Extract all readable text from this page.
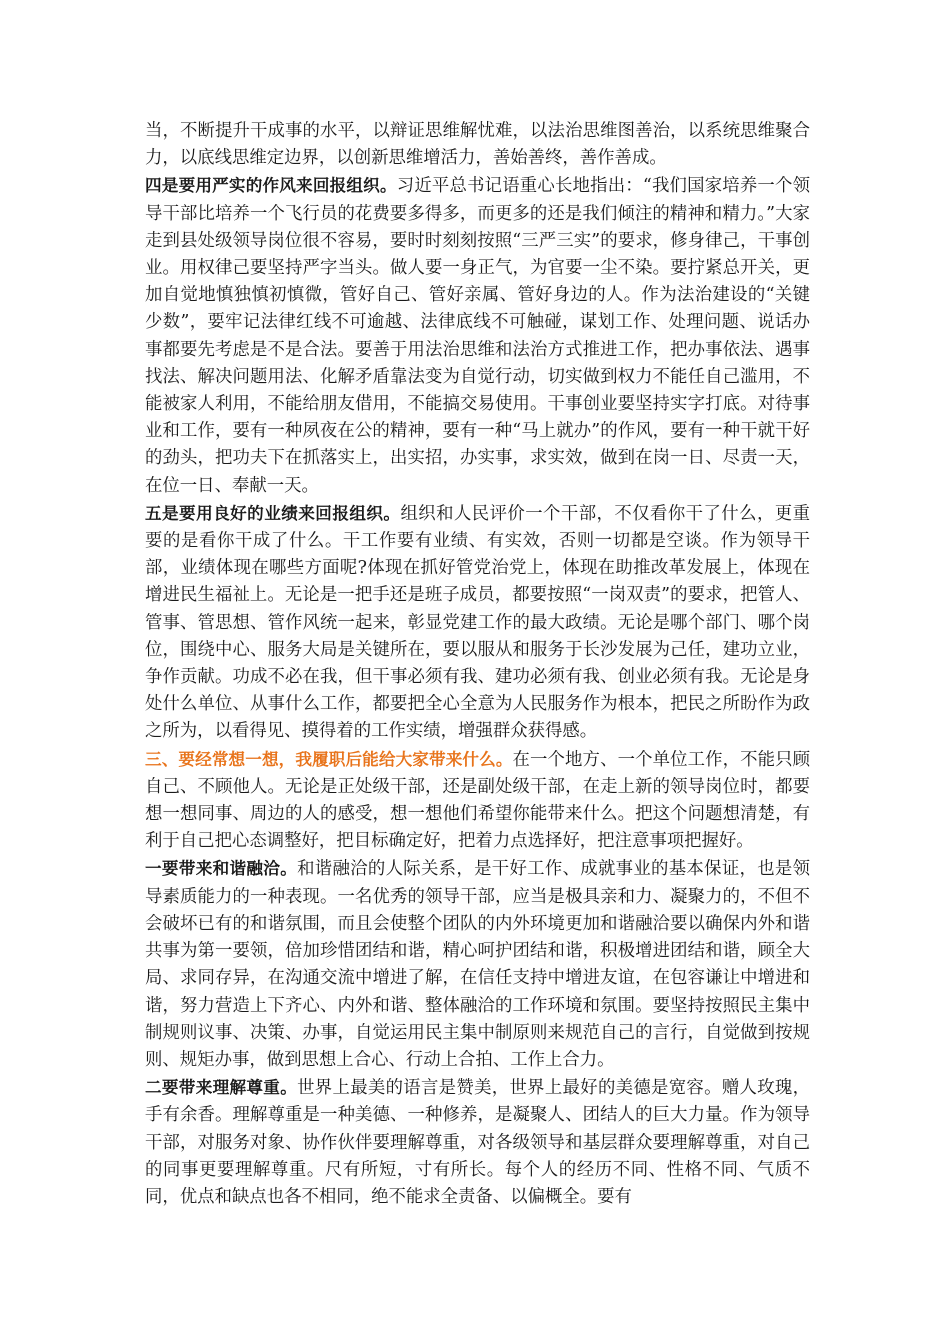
当，不断提升干成事的水平，以辩证思维解忧难，以法治思维图善治，以系统思维聚合力，以底线思维定边界，以创新思维增活力，善始善终，善作善成。

四是要用严实的作风来回报组织。习近平总书记语重心长地指出：“我们国家培养一个领导干部比培养一个飞行员的花费要多得多，而更多的还是我们倾注的精神和精力。”大家走到县处级领导岗位很不容易，要时时刻刻按照“三严三实”的要求，修身律己，干事创业。用权律己要坚持严字当头。做人要一身正气，为官要一尘不染。要拧紧总开关，更加自觉地慎独慎初慎微，管好自己、管好亲属、管好身边的人。作为法治建设的“关键少数”，要牢记法律红线不可逾越、法律底线不可触碰，谋划工作、处理问题、说话办事都要先考虑是不是合法。要善于用法治思维和法治方式推进工作，把办事依法、遇事找法、解决问题用法、化解矛盾靠法变为自觉行动，切实做到权力不能任自己滥用，不能被家人利用，不能给朋友借用，不能搞交易使用。干事创业要坚持实字打底。对待事业和工作，要有一种夙夜在公的精神，要有一种“马上就办”的作风，要有一种干就干好的劲头，把功夫下在抓落实上，出实招，办实事，求实效，做到在岗一日、尽责一天，在位一日、奉献一天。

五是要用良好的业绩来回报组织。组织和人民评价一个干部，不仅看你干了什么，更重要的是看你干成了什么。干工作要有业绩、有实效，否则一切都是空谈。作为领导干部，业绩体现在哪些方面呢?体现在抓好管党治党上，体现在助推改革发展上，体现在增进民生福祉上。无论是一把手还是班子成员，都要按照“一岗双责”的要求，把管人、管事、管思想、管作风统一起来，彰显党建工作的最大政绩。无论是哪个部门、哪个岗位，围绕中心、服务大局是关键所在，要以服从和服务于长沙发展为己任，建功立业，争作贡献。功成不必在我，但干事必须有我、建功必须有我、创业必须有我。无论是身处什么单位、从事什么工作，都要把全心全意为人民服务作为根本，把民之所盼作为政之所为，以看得见、摸得着的工作实绩，增强群众获得感。

三、要经常想一想，我履职后能给大家带来什么。在一个地方、一个单位工作，不能只顾自己、不顾他人。无论是正处级干部，还是副处级干部，在走上新的领导岗位时，都要想一想同事、周边的人的感受，想一想他们希望你能带来什么。把这个问题想清楚，有利于自己把心态调整好，把目标确定好，把着力点选择好，把注意事项把握好。

一要带来和谐融洽。和谐融洽的人际关系，是干好工作、成就事业的基本保证，也是领导素质能力的一种表现。一名优秀的领导干部，应当是极具亲和力、凝聚力的，不但不会破坏已有的和谐氛围，而且会使整个团队的内外环境更加和谐融洽要以确保内外和谐共事为第一要领，倍加珍惜团结和谐，精心呵护团结和谐，积极增进团结和谐，顾全大局、求同存异，在沟通交流中增进了解，在信任支持中增进友谊，在包容谦让中增进和谐，努力营造上下齐心、内外和谐、整体融洽的工作环境和氛围。要坚持按照民主集中制规则议事、决策、办事，自觉运用民主集中制原则来规范自己的言行，自觉做到按规则、规矩办事，做到思想上合心、行动上合拍、工作上合力。

二要带来理解尊重。世界上最美的语言是赞美，世界上最好的美德是宽容。赠人玫瑰，手有余香。理解尊重是一种美德、一种修养，是凝聚人、团结人的巨大力量。作为领导干部，对服务对象、协作伙伴要理解尊重，对各级领导和基层群众要理解尊重，对自己的同事更要理解尊重。尺有所短，寸有所长。每个人的经历不同、性格不同、气质不同，优点和缺点也各不相同，绝不能求全责备、以偏概全。要有
